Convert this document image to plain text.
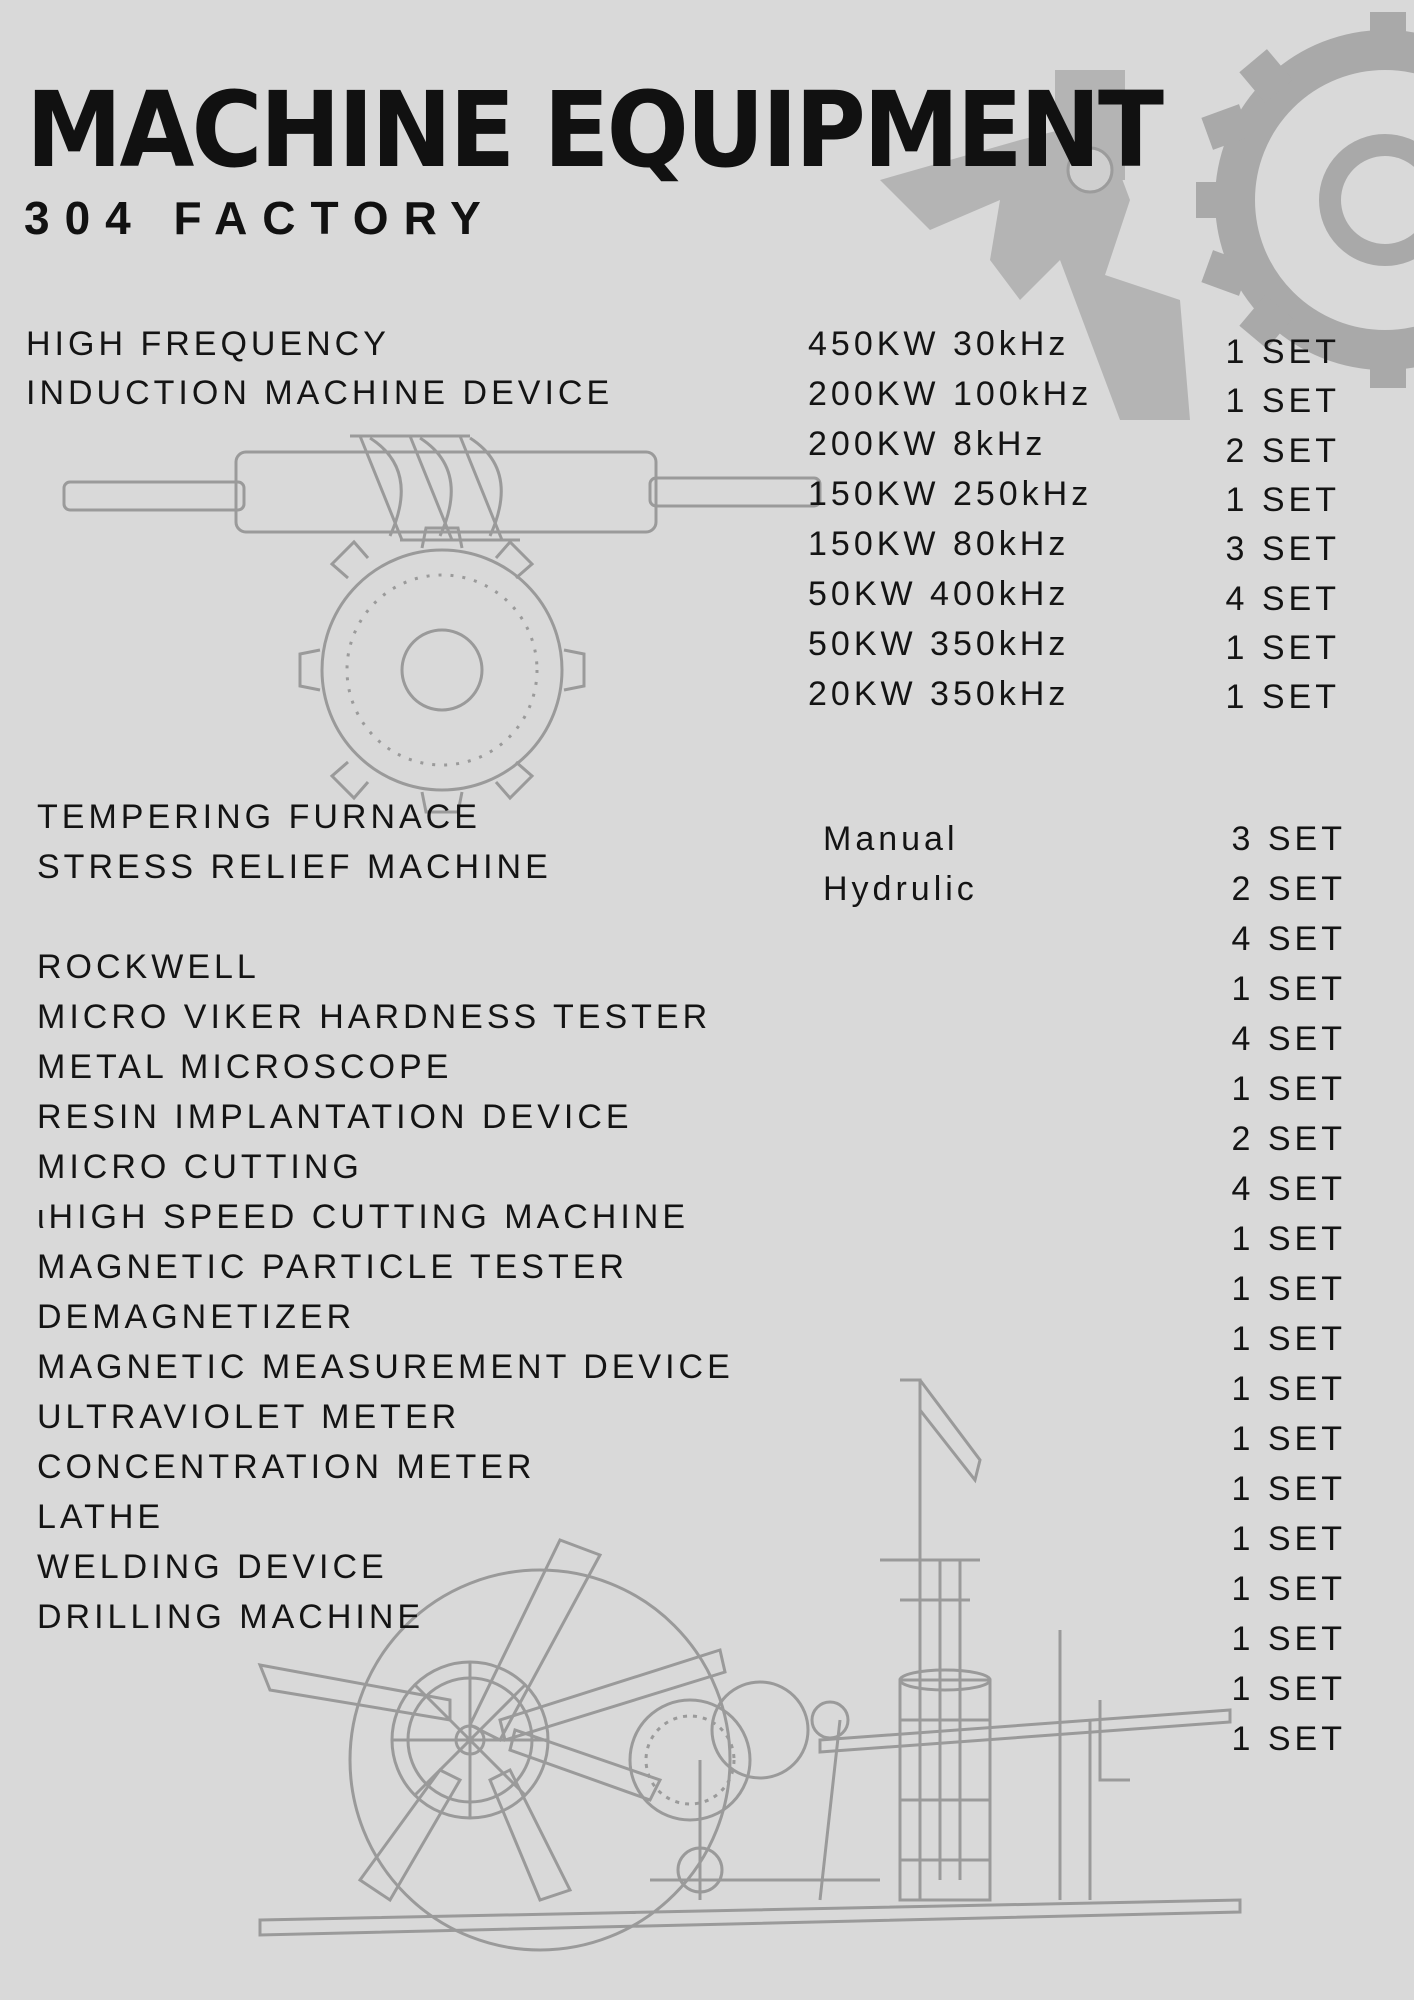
MACHINE EQUIPMENT
304 FACTORY
HIGH FREQUENCY
INDUCTION MACHINE DEVICE
450KW 30kHz
200KW 100kHz
200KW 8kHz
150KW 250kHz
150KW 80kHz
50KW 400kHz
50KW 350kHz
20KW 350kHz
1 SET
1 SET
2 SET
1 SET
3 SET
4 SET
1 SET
1 SET
TEMPERING FURNACE
STRESS RELIEF MACHINE
Manual
Hydrulic
3 SET
2 SET
ROCKWELL
MICRO VIKER HARDNESS TESTER
METAL MICROSCOPE
RESIN IMPLANTATION DEVICE
MICRO CUTTING
ιHIGH SPEED CUTTING MACHINE
MAGNETIC PARTICLE TESTER
DEMAGNETIZER
MAGNETIC MEASUREMENT DEVICE
ULTRAVIOLET METER
CONCENTRATION METER
LATHE
WELDING DEVICE
DRILLING MACHINE
4 SET
1 SET
4 SET
1 SET
2 SET
4 SET
1 SET
1 SET
1 SET
1 SET
1 SET
1 SET
1 SET
1 SET
1 SET
1 SET
1 SET
